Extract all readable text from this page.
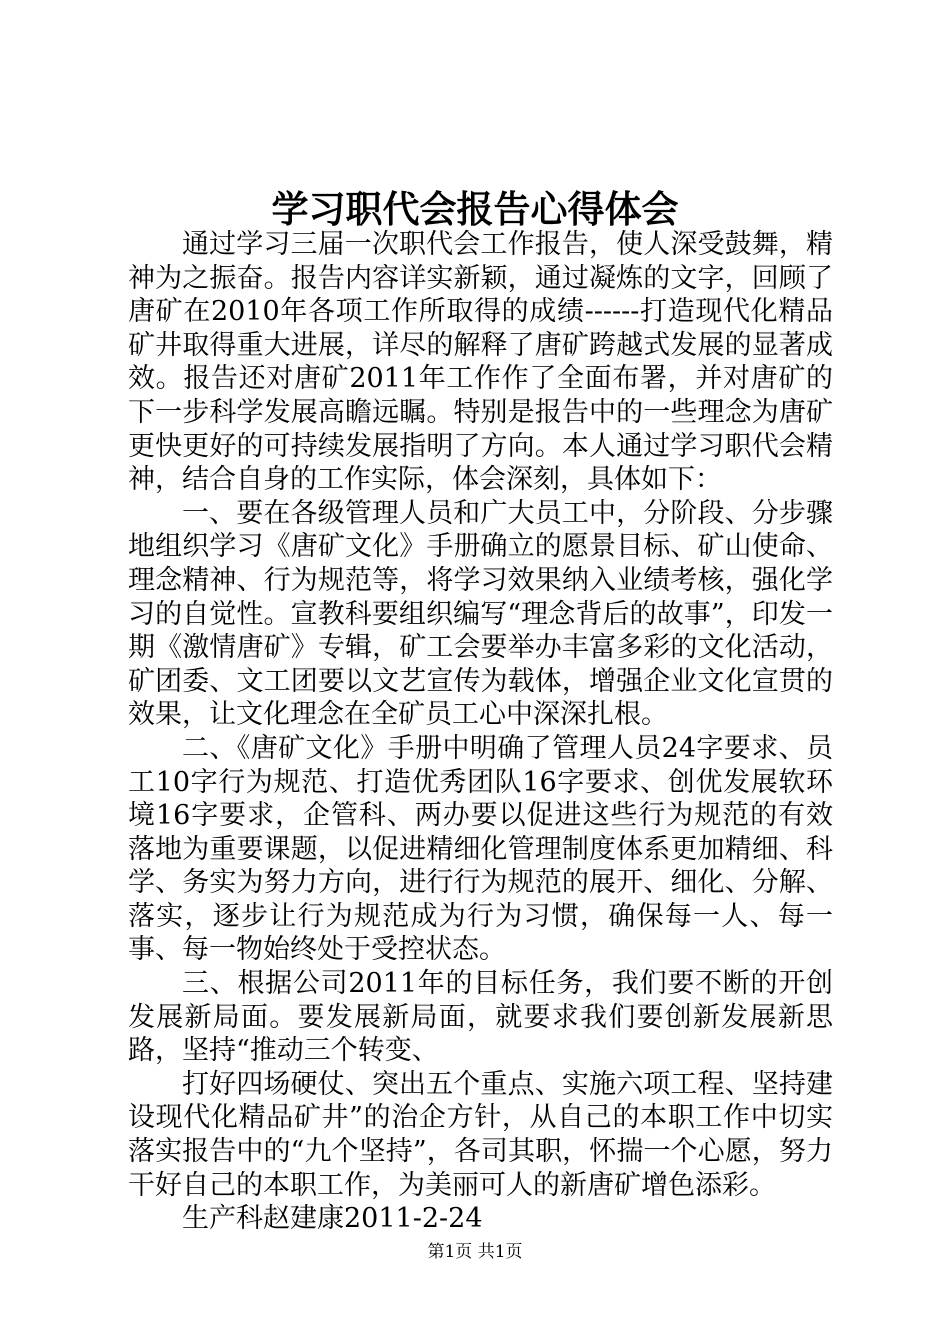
学习职代会报告心得体会

通过学习三届一次职代会工作报告，使人深受鼓舞，精神为之振奋。报告内容详实新颖，通过凝炼的文字，回顾了唐矿在2010年各项工作所取得的成绩------打造现代化精品矿井取得重大进展，详尽的解释了唐矿跨越式发展的显著成效。报告还对唐矿2011年工作作了全面布署，并对唐矿的下一步科学发展高瞻远瞩。特别是报告中的一些理念为唐矿更快更好的可持续发展指明了方向。本人通过学习职代会精神，结合自身的工作实际，体会深刻，具体如下：

一、要在各级管理人员和广大员工中，分阶段、分步骤地组织学习《唐矿文化》手册确立的愿景目标、矿山使命、理念精神、行为规范等，将学习效果纳入业绩考核，强化学习的自觉性。宣教科要组织编写“理念背后的故事”，印发一期《激情唐矿》专辑，矿工会要举办丰富多彩的文化活动，矿团委、文工团要以文艺宣传为载体，增强企业文化宣贯的效果，让文化理念在全矿员工心中深深扎根。

二、《唐矿文化》手册中明确了管理人员24字要求、员工10字行为规范、打造优秀团队16字要求、创优发展软环境16字要求，企管科、两办要以促进这些行为规范的有效落地为重要课题，以促进精细化管理制度体系更加精细、科学、务实为努力方向，进行行为规范的展开、细化、分解、落实，逐步让行为规范成为行为习惯，确保每一人、每一事、每一物始终处于受控状态。

三、根据公司2011年的目标任务，我们要不断的开创发展新局面。要发展新局面，就要求我们要创新发展新思路，坚持“推动三个转变、

打好四场硬仗、突出五个重点、实施六项工程、坚持建设现代化精品矿井”的治企方针，从自己的本职工作中切实落实报告中的“九个坚持”，各司其职，怀揣一个心愿，努力干好自己的本职工作，为美丽可人的新唐矿增色添彩。

生产科赵建康2011-2-24

第1页 共1页
